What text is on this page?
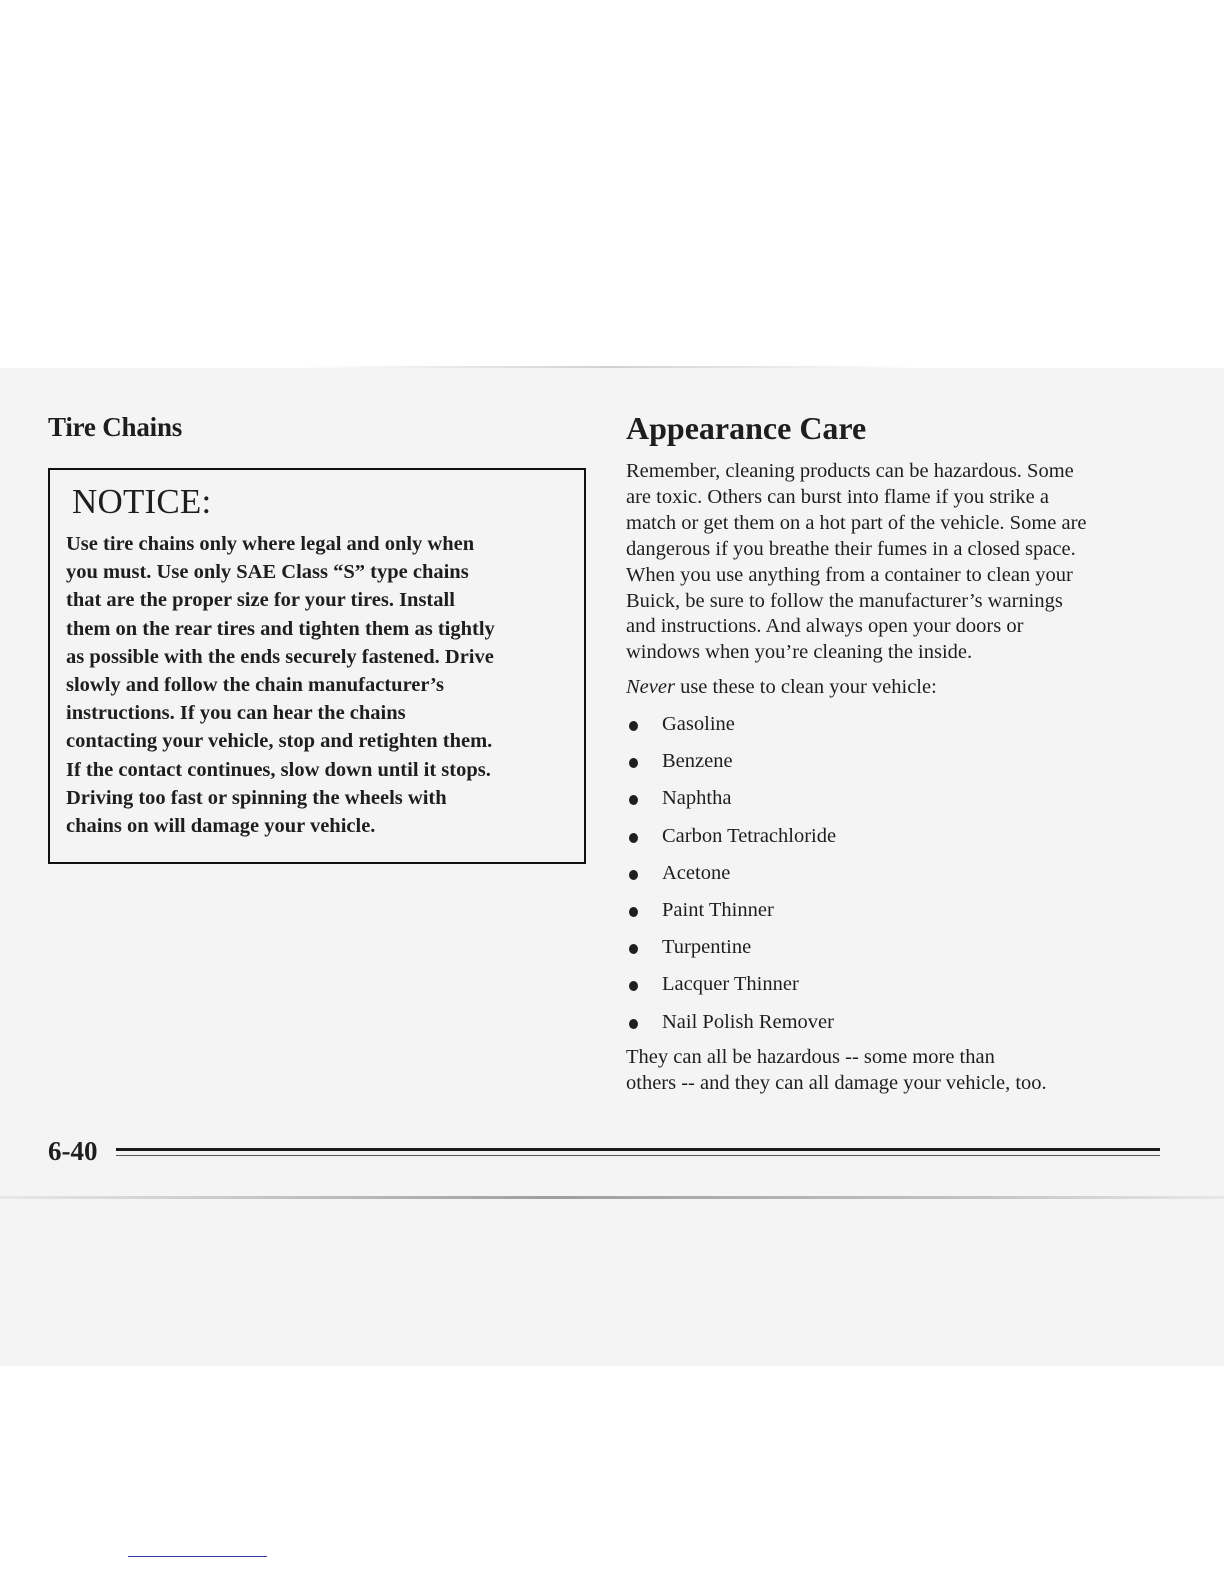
Tire Chains
NOTICE:
Use tire chains only where legal and only when
you must. Use only SAE Class “S” type chains
that are the proper size for your tires. Install
them on the rear tires and tighten them as tightly
as possible with the ends securely fastened. Drive
slowly and follow the chain manufacturer’s
instructions. If you can hear the chains
contacting your vehicle, stop and retighten them.
If the contact continues, slow down until it stops.
Driving too fast or spinning the wheels with
chains on will damage your vehicle.
Appearance Care
Remember, cleaning products can be hazardous. Some
are toxic. Others can burst into flame if you strike a
match or get them on a hot part of the vehicle. Some are
dangerous if you breathe their fumes in a closed space.
When you use anything from a container to clean your
Buick, be sure to follow the manufacturer’s warnings
and instructions. And always open your doors or
windows when you’re cleaning the inside.
Never use these to clean your vehicle:
Gasoline
Benzene
Naphtha
Carbon Tetrachloride
Acetone
Paint Thinner
Turpentine
Lacquer Thinner
Nail Polish Remover
They can all be hazardous -- some more than
others -- and they can all damage your vehicle, too.
6-40
